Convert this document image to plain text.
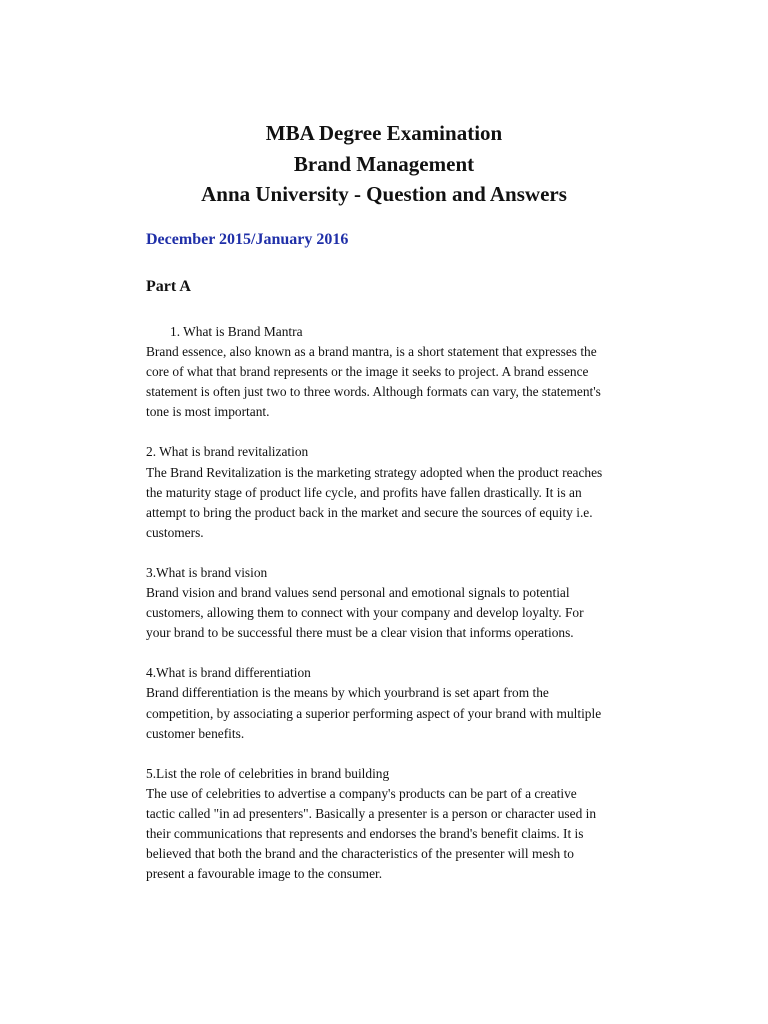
MBA Degree Examination
Brand Management
Anna University - Question and Answers
December 2015/January 2016
Part A
1. What is Brand Mantra
Brand essence, also known as a brand mantra, is a short statement that expresses the
core of what that brand represents or the image it seeks to project. A brand essence
statement is often just two to three words. Although formats can vary, the statement's
tone is most important.
2. What is brand revitalization
The Brand Revitalization is the marketing strategy adopted when the product reaches
the maturity stage of product life cycle, and profits have fallen drastically. It is an
attempt to bring the product back in the market and secure the sources of equity i.e.
customers.
3.What is brand vision
Brand vision and brand values send personal and emotional signals to potential
customers, allowing them to connect with your company and develop loyalty. For
your brand to be successful there must be a clear vision that informs operations.
4.What is brand differentiation
Brand differentiation is the means by which yourbrand is set apart from the
competition, by associating a superior performing aspect of your brand with multiple
customer benefits.
5.List the role of celebrities in brand building
The use of celebrities to advertise a company's products can be part of a creative
tactic called "in ad presenters". Basically a presenter is a person or character used in
their communications that represents and endorses the brand's benefit claims. It is
believed that both the brand and the characteristics of the presenter will mesh to
present a favourable image to the consumer.
